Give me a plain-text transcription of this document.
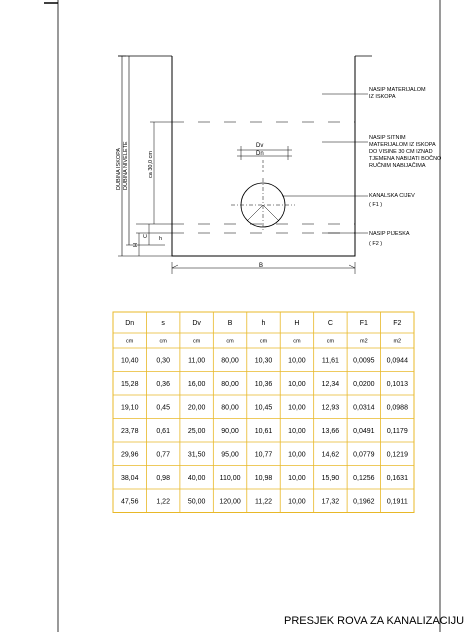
Dv
Dn
B
DUBINA ISKOPA DUBINA NIVELETE	ca 30,0 cm
H
C h
NASIP MATERIJALOM
IZ ISKOPA
NASIP SITNIM
MATERIJALOM IZ ISKOPA
DO VISINE 30 CM IZNAD
TJEMENA NABIJATI BOČNO
RUČNIM NABIJAČIMA
KANALSKA CIJEV
( F1 )
NASIP PIJESKA
( F2 )
Dn	s	Dv	B	h	H	C	F1	F2
cm	cm	cm	cm	cm	cm	cm	m2	m2
10,40	0,30	11,00 80,00 10,30 10,00 11,61 0,0095 0,0944
15,28	0,36	16,00 80,00 10,36 10,00 12,34 0,0200 0,1013
19,10	0,45	20,00 80,00 10,45 10,00 12,93 0,0314 0,0988
23,78	0,61	25,00 90,00 10,61 10,00 13,66 0,0491 0,1179
29,96	0,77	31,50 95,00 10,77 10,00 14,62 0,0779 0,1219
38,04	0,98	40,00 110,00 10,98 10,00 15,90 0,1256 0,1631
47,56	1,22	50,00 120,00 11,22 10,00 17,32 0,1962 0,1911
PRESJEK ROVA ZA KANALIZACIJU
